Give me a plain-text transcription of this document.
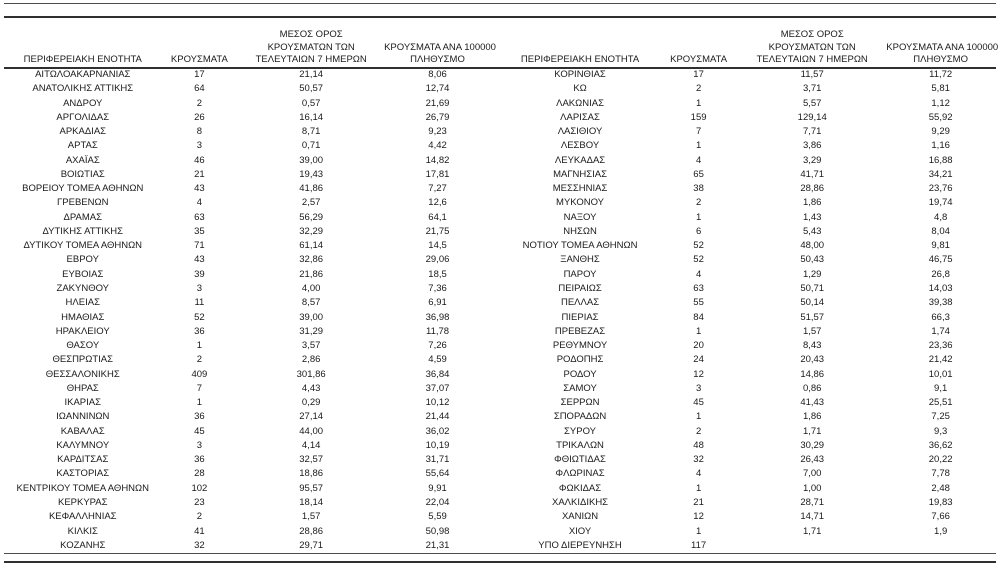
ΠΕΡΙΦΕΡΕΙΑΚΗ ΕΝΟΤΗΤΑ	ΚΡΟΥΣΜΑΤΑ
ΜΕΣΟΣ ΟΡΟΣ
ΚΡΟΥΣΜΑΤΩΝ ΤΩΝ
ΤΕΛΕΥΤΑΙΩΝ 7 ΗΜΕΡΩΝ
ΚΡΟΥΣΜΑΤΑ ΑΝΑ 100000
ΠΛΗΘΥΣΜΟ
ΑΙΤΩΛΟΑΚΑΡΝΑΝΙΑΣ	17	21,14	8,06
ΑΝΑΤΟΛΙΚΗΣ ΑΤΤΙΚΗΣ	64	50,57	12,74
ΑΝΔΡΟΥ	2	0,57	21,69
ΑΡΓΟΛΙΔΑΣ	26	16,14	26,79
ΑΡΚΑΔΙΑΣ	8	8,71	9,23
ΑΡΤΑΣ	3	0,71	4,42
ΑΧΑΪΑΣ	46	39,00	14,82
ΒΟΙΩΤΙΑΣ	21	19,43	17,81
ΒΟΡΕΙΟΥ ΤΟΜΕΑ ΑΘΗΝΩΝ	43	41,86	7,27
ΓΡΕΒΕΝΩΝ	4	2,57	12,6
ΔΡΑΜΑΣ	63	56,29	64,1
ΔΥΤΙΚΗΣ ΑΤΤΙΚΗΣ	35	32,29	21,75
ΔΥΤΙΚΟΥ ΤΟΜΕΑ ΑΘΗΝΩΝ	71	61,14	14,5
ΕΒΡΟΥ	43	32,86	29,06
ΕΥΒΟΙΑΣ	39	21,86	18,5
ΖΑΚΥΝΘΟΥ	3	4,00	7,36
ΗΛΕΙΑΣ	11	8,57	6,91
ΗΜΑΘΙΑΣ	52	39,00	36,98
ΗΡΑΚΛΕΙΟΥ	36	31,29	11,78
ΘΑΣΟΥ	1	3,57	7,26
ΘΕΣΠΡΩΤΙΑΣ	2	2,86	4,59
ΘΕΣΣΑΛΟΝΙΚΗΣ	409	301,86	36,84
ΘΗΡΑΣ	7	4,43	37,07
ΙΚΑΡΙΑΣ	1	0,29	10,12
ΙΩΑΝΝΙΝΩΝ	36	27,14	21,44
ΚΑΒΑΛΑΣ	45	44,00	36,02
ΚΑΛΥΜΝΟΥ	3	4,14	10,19
ΚΑΡΔΙΤΣΑΣ	36	32,57	31,71
ΚΑΣΤΟΡΙΑΣ	28	18,86	55,64
ΚΕΝΤΡΙΚΟΥ ΤΟΜΕΑ ΑΘΗΝΩΝ	102	95,57	9,91
ΚΕΡΚΥΡΑΣ	23	18,14	22,04
ΚΕΦΑΛΛΗΝΙΑΣ	2	1,57	5,59
ΚΙΛΚΙΣ	41	28,86	50,98
ΚΟΖΑΝΗΣ	32	29,71	21,31
ΠΕΡΙΦΕΡΕΙΑΚΗ ΕΝΟΤΗΤΑ	ΚΡΟΥΣΜΑΤΑ
ΜΕΣΟΣ ΟΡΟΣ
ΚΡΟΥΣΜΑΤΩΝ ΤΩΝ
ΤΕΛΕΥΤΑΙΩΝ 7 ΗΜΕΡΩΝ
ΚΡΟΥΣΜΑΤΑ ΑΝΑ 100000
ΠΛΗΘΥΣΜΟ
ΚΟΡΙΝΘΙΑΣ	17	11,57	11,72
ΚΩ	2	3,71	5,81
ΛΑΚΩΝΙΑΣ	1	5,57	1,12
ΛΑΡΙΣΑΣ	159	129,14	55,92
ΛΑΣΙΘΙΟΥ	7	7,71	9,29
ΛΕΣΒΟΥ	1	3,86	1,16
ΛΕΥΚΑΔΑΣ	4	3,29	16,88
ΜΑΓΝΗΣΙΑΣ	65	41,71	34,21
ΜΕΣΣΗΝΙΑΣ	38	28,86	23,76
ΜΥΚΟΝΟΥ	2	1,86	19,74
ΝΑΞΟΥ	1	1,43	4,8
ΝΗΣΩΝ	6	5,43	8,04
ΝΟΤΙΟΥ ΤΟΜΕΑ ΑΘΗΝΩΝ	52	48,00	9,81
ΞΑΝΘΗΣ	52	50,43	46,75
ΠΑΡΟΥ	4	1,29	26,8
ΠΕΙΡΑΙΩΣ	63	50,71	14,03
ΠΕΛΛΑΣ	55	50,14	39,38
ΠΙΕΡΙΑΣ	84	51,57	66,3
ΠΡΕΒΕΖΑΣ	1	1,57	1,74
ΡΕΘΥΜΝΟΥ	20	8,43	23,36
ΡΟΔΟΠΗΣ	24	20,43	21,42
ΡΟΔΟΥ	12	14,86	10,01
ΣΑΜΟΥ	3	0,86	9,1
ΣΕΡΡΩΝ	45	41,43	25,51
ΣΠΟΡΑΔΩΝ	1	1,86	7,25
ΣΥΡΟΥ	2	1,71	9,3
ΤΡΙΚΑΛΩΝ	48	30,29	36,62
ΦΘΙΩΤΙΔΑΣ	32	26,43	20,22
ΦΛΩΡΙΝΑΣ	4	7,00	7,78
ΦΩΚΙΔΑΣ	1	1,00	2,48
ΧΑΛΚΙΔΙΚΗΣ	21	28,71	19,83
ΧΑΝΙΩΝ	12	14,71	7,66
ΧΙΟΥ	1	1,71	1,9
ΥΠΟ ΔΙΕΡΕΥΝΗΣΗ	117		
